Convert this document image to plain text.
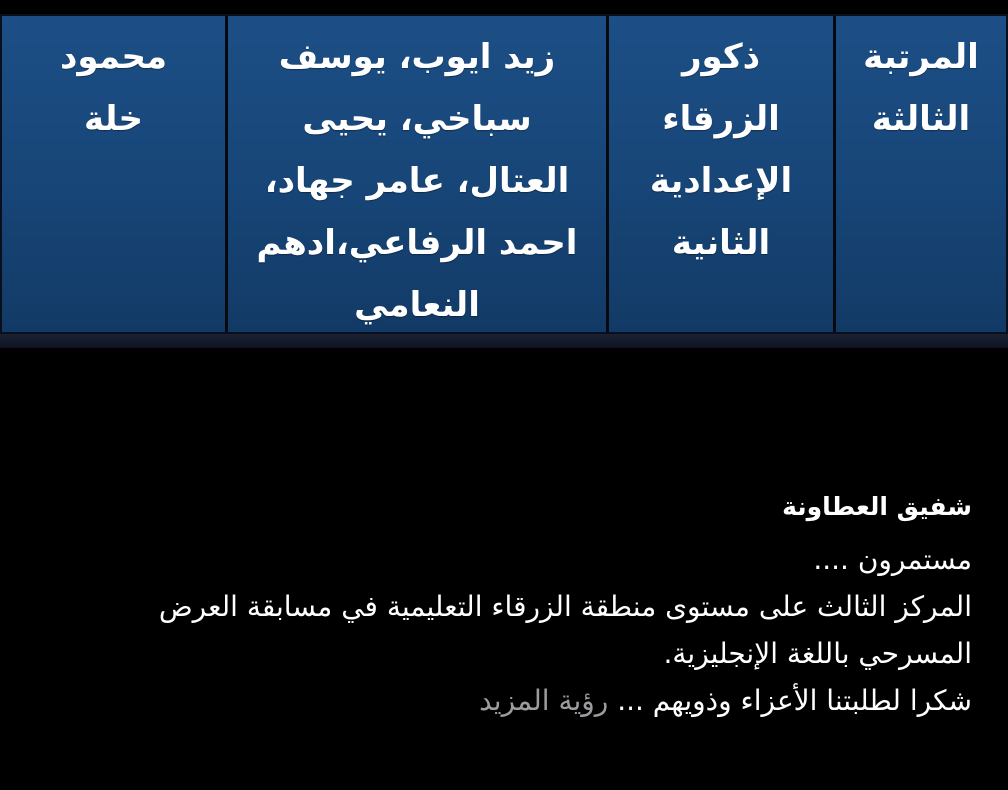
المرتبة
الثالثة
ذكور
الزرقاء
الإعدادية
الثانية
زيد ايوب، يوسف
سباخي، يحيى
العتال، عامر جهاد،
احمد الرفاعي،ادهم
النعامي
محمود
خلة
شفيق العطاونة
مستمرون ....
المركز الثالث على مستوى منطقة الزرقاء التعليمية في مسابقة العرض
المسرحي باللغة الإنجليزية.
شكرا لطلبتنا الأعزاء وذويهم ... رؤية المزيد
